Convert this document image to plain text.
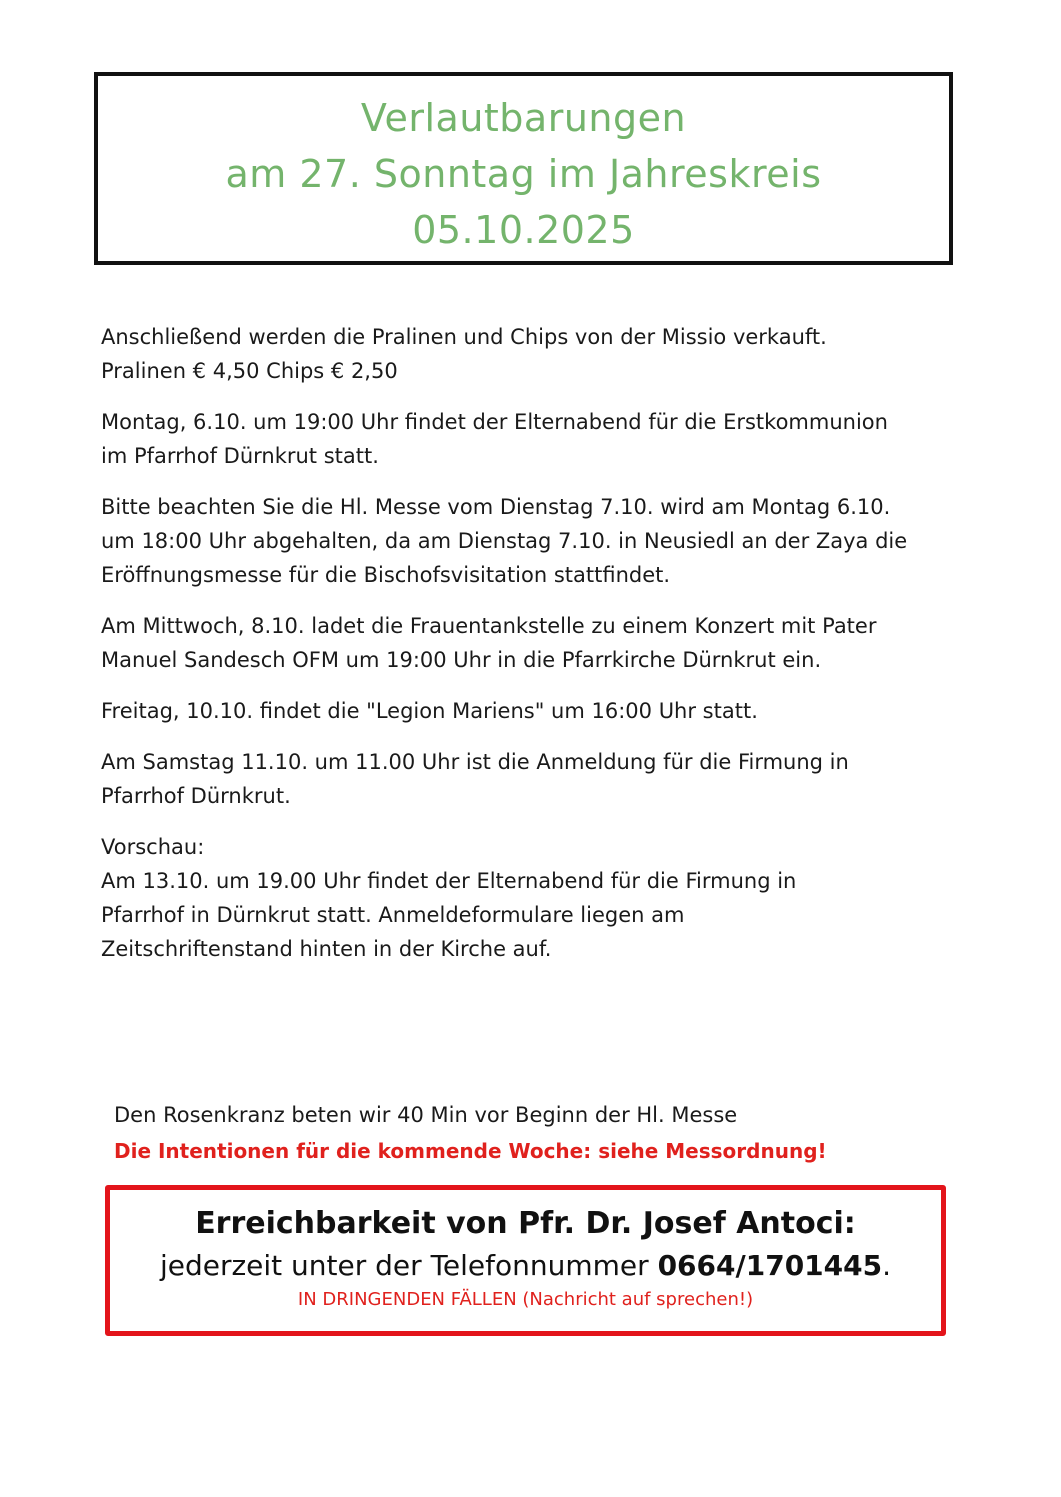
Verlautbarungen
am 27. Sonntag im Jahreskreis
05.10.2025

Anschließend werden die Pralinen und Chips von der Missio verkauft.
Pralinen € 4,50 Chips € 2,50

Montag, 6.10. um 19:00 Uhr findet der Elternabend für die Erstkommunion
im Pfarrhof Dürnkrut statt.

Bitte beachten Sie die Hl. Messe vom Dienstag 7.10. wird am Montag 6.10.
um 18:00 Uhr abgehalten, da am Dienstag 7.10. in Neusiedl an der Zaya die
Eröffnungsmesse für die Bischofsvisitation stattfindet.

Am Mittwoch, 8.10. ladet die Frauentankstelle zu einem Konzert mit Pater
Manuel Sandesch OFM um 19:00 Uhr in die Pfarrkirche Dürnkrut ein.

Freitag, 10.10. findet die "Legion Mariens" um 16:00 Uhr statt.

Am Samstag 11.10. um 11.00 Uhr ist die Anmeldung für die Firmung in
Pfarrhof Dürnkrut.

Vorschau:
Am 13.10. um 19.00 Uhr findet der Elternabend für die Firmung in
Pfarrhof in Dürnkrut statt. Anmeldeformulare liegen am
Zeitschriftenstand hinten in der Kirche auf.

Den Rosenkranz beten wir 40 Min vor Beginn der Hl. Messe
Die Intentionen für die kommende Woche: siehe Messordnung!
Erreichbarkeit von Pfr. Dr. Josef Antoci:
jederzeit unter der Telefonnummer 0664/1701445.
IN DRINGENDEN FÄLLEN (Nachricht auf sprechen!)
